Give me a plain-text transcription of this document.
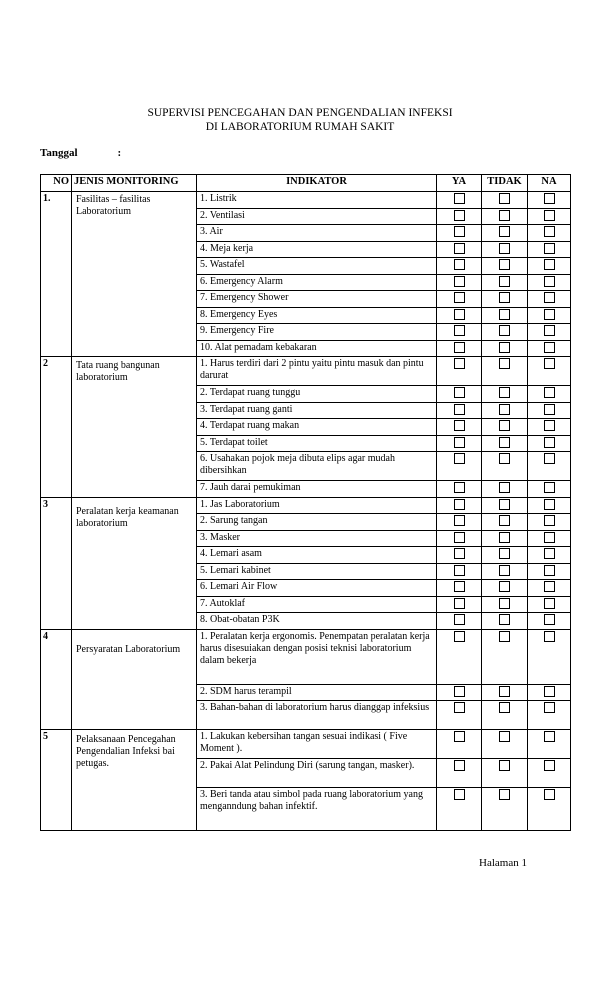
SUPERVISI PENCEGAHAN DAN PENGENDALIAN INFEKSI
DI LABORATORIUM RUMAH SAKIT
Tanggal	:
NO	JENIS MONITORING	INDIKATOR	YA	TIDAK	NA
1.	Fasilitas – fasilitas Laboratorium	1. Listrik			
		2. Ventilasi			
		3. Air			
		4. Meja kerja			
		5. Wastafel			
		6. Emergency Alarm			
		7. Emergency Shower			
		8. Emergency Eyes			
		9. Emergency Fire			
		10. Alat pemadam kebakaran			
2	Tata ruang bangunan laboratorium	1. Harus terdiri dari 2 pintu yaitu pintu masuk dan pintu darurat			
		2. Terdapat ruang tunggu			
		3. Terdapat ruang ganti			
		4. Terdapat ruang makan			
		5. Terdapat toilet			
		6. Usahakan pojok meja dibuta elips agar mudah dibersihkan			
		7. Jauh darai pemukiman			
3	Peralatan kerja keamanan laboratorium	1. Jas Laboratorium			
		2. Sarung tangan			
		3. Masker			
		4. Lemari asam			
		5. Lemari kabinet			
		6. Lemari Air Flow			
		7. Autoklaf			
		8. Obat-obatan P3K			
4	Persyaratan Laboratorium	1. Peralatan kerja ergonomis. Penempatan peralatan kerja harus disesuiakan dengan posisi teknisi laboratorium dalam bekerja			
		2. SDM harus terampil			
		3. Bahan-bahan di laboratorium harus dianggap infeksius			
5	Pelaksanaan Pencegahan Pengendalian Infeksi bai petugas.	1. Lakukan kebersihan tangan sesuai indikasi ( Five Moment ).			
		2. Pakai Alat Pelindung Diri (sarung tangan, masker).			
		3. Beri tanda atau simbol pada ruang laboratorium yang menganndung bahan infektif.			
Halaman 1
